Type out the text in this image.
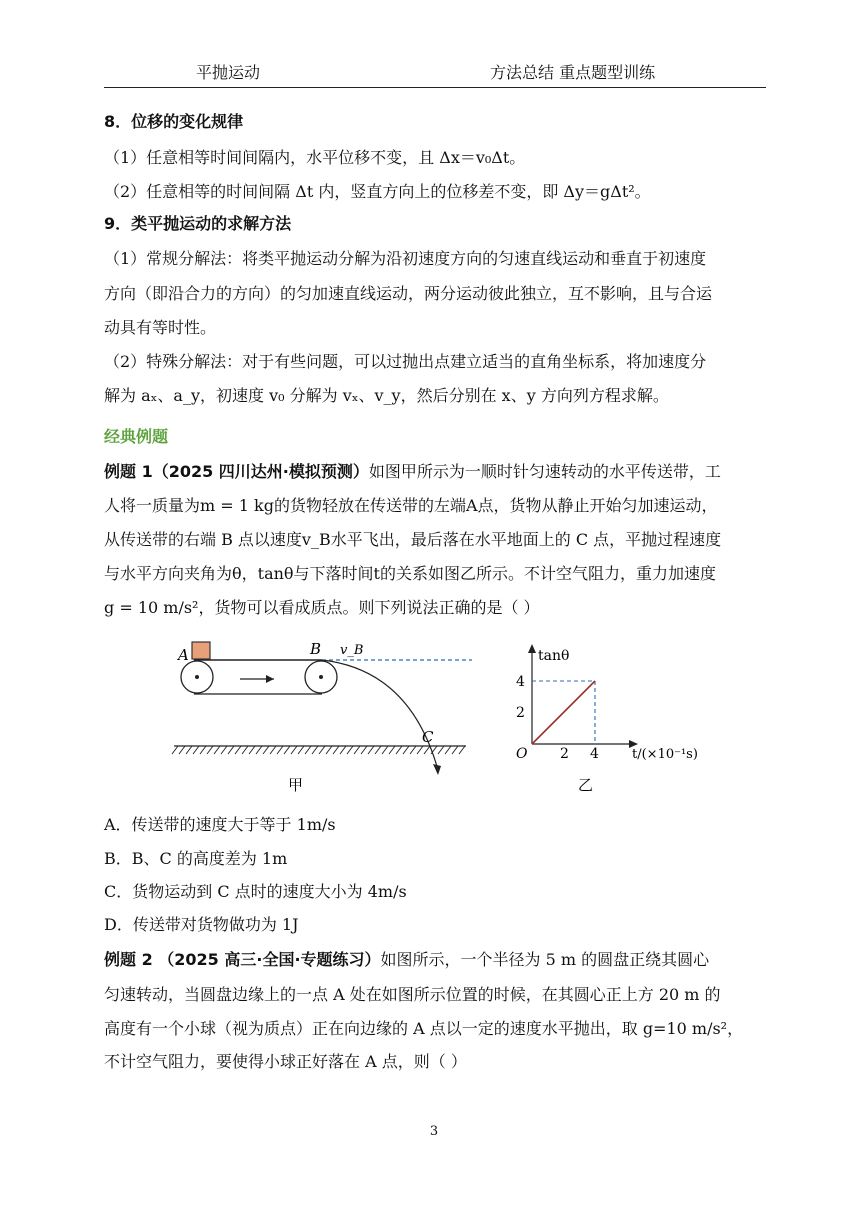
平抛运动	方法总结 重点题型训练
8．位移的变化规律
（1）任意相等时间间隔内，水平位移不变，且 Δx＝v₀Δt。
（2）任意相等的时间间隔 Δt 内，竖直方向上的位移差不变，即 Δy＝gΔt²。
9．类平抛运动的求解方法
（1）常规分解法：将类平抛运动分解为沿初速度方向的匀速直线运动和垂直于初速度
方向（即沿合力的方向）的匀加速直线运动，两分运动彼此独立，互不影响，且与合运
动具有等时性。
（2）特殊分解法：对于有些问题，可以过抛出点建立适当的直角坐标系，将加速度分
解为 aₓ、a_y，初速度 v₀ 分解为 vₓ、v_y，然后分别在 x、y 方向列方程求解。
经典例题
例题 1（2025 四川达州·模拟预测）如图甲所示为一顺时针匀速转动的水平传送带，工
人将一质量为m = 1 kg的货物轻放在传送带的左端A点，货物从静止开始匀加速运动，
从传送带的右端 B 点以速度v_B水平飞出，最后落在水平地面上的 C 点，平抛过程速度
与水平方向夹角为θ，tanθ与下落时间t的关系如图乙所示。不计空气阻力，重力加速度
g = 10 m/s²，货物可以看成质点。则下列说法正确的是（ ）
A	B v_B
C
甲
tanθ
4
2
O 2 4	t/(×10⁻¹s)
乙
A．传送带的速度大于等于 1m/s
B．B、C 的高度差为 1m
C．货物运动到 C 点时的速度大小为 4m/s
D．传送带对货物做功为 1J
例题 2 （2025 高三·全国·专题练习）如图所示，一个半径为 5 m 的圆盘正绕其圆心
匀速转动，当圆盘边缘上的一点 A 处在如图所示位置的时候，在其圆心正上方 20 m 的
高度有一个小球（视为质点）正在向边缘的 A 点以一定的速度水平抛出，取 g=10 m/s²，
不计空气阻力，要使得小球正好落在 A 点，则（ ）
3
